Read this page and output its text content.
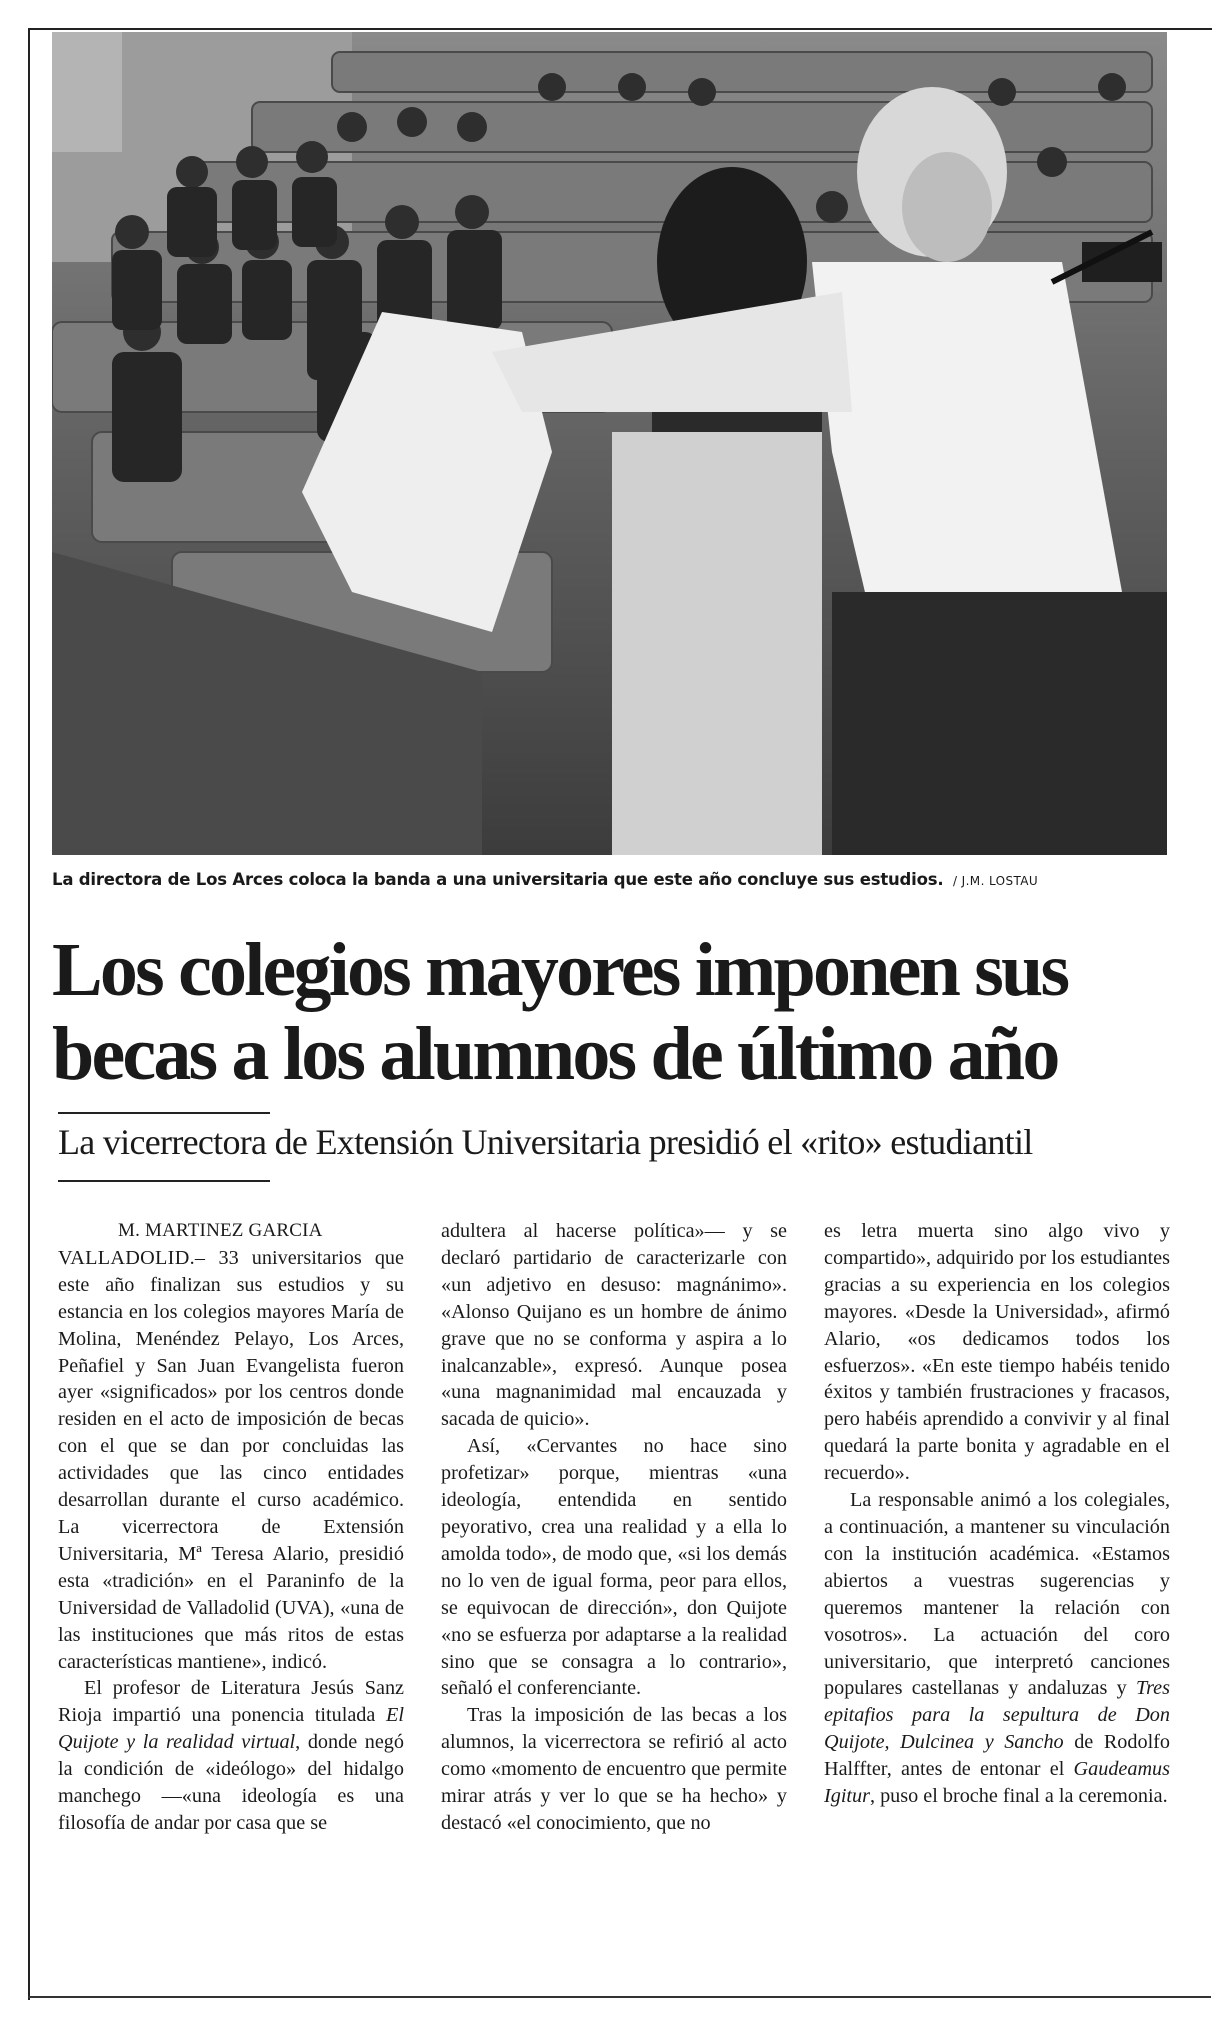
La directora de Los Arces coloca la banda a una universitaria que este año concluye sus estudios. / J.M. LOSTAU
Los colegios mayores imponen sus
becas a los alumnos de último año
La vicerrectora de Extensión Universitaria presidió el «rito» estudiantil
M. MARTINEZ GARCIA

VALLADOLID.– 33 universitarios que este año finalizan sus estudios y su estancia en los colegios mayores María de Molina, Menéndez Pelayo, Los Arces, Peñafiel y San Juan Evangelista fueron ayer «significados» por los centros donde residen en el acto de imposición de becas con el que se dan por concluidas las actividades que las cinco entidades desarrollan durante el curso académico. La vicerrectora de Extensión Universitaria, Mª Teresa Alario, presidió esta «tradición» en el Paraninfo de la Universidad de Valladolid (UVA), «una de las instituciones que más ritos de estas características mantiene», indicó.

El profesor de Literatura Jesús Sanz Rioja impartió una ponencia titulada El Quijote y la realidad virtual, donde negó la condición de «ideólogo» del hidalgo manchego —«una ideología es una filosofía de andar por casa que se

adultera al hacerse política»— y se declaró partidario de caracterizarle con «un adjetivo en desuso: magnánimo». «Alonso Quijano es un hombre de ánimo grave que no se conforma y aspira a lo inalcanzable», expresó. Aunque posea «una magnanimidad mal encauzada y sacada de quicio».

Así, «Cervantes no hace sino profetizar» porque, mientras «una ideología, entendida en sentido peyorativo, crea una realidad y a ella lo amolda todo», de modo que, «si los demás no lo ven de igual forma, peor para ellos, se equivocan de dirección», don Quijote «no se esfuerza por adaptarse a la realidad sino que se consagra a lo contrario», señaló el conferenciante.

Tras la imposición de las becas a los alumnos, la vicerrectora se refirió al acto como «momento de encuentro que permite mirar atrás y ver lo que se ha hecho» y destacó «el conocimiento, que no

es letra muerta sino algo vivo y compartido», adquirido por los estudiantes gracias a su experiencia en los colegios mayores. «Desde la Universidad», afirmó Alario, «os dedicamos todos los esfuerzos». «En este tiempo habéis tenido éxitos y también frustraciones y fracasos, pero habéis aprendido a convivir y al final quedará la parte bonita y agradable en el recuerdo».

La responsable animó a los colegiales, a continuación, a mantener su vinculación con la institución académica. «Estamos abiertos a vuestras sugerencias y queremos mantener la relación con vosotros». La actuación del coro universitario, que interpretó canciones populares castellanas y andaluzas y Tres epitafios para la sepultura de Don Quijote, Dulcinea y Sancho de Rodolfo Halffter, antes de entonar el Gaudeamus Igitur, puso el broche final a la ceremonia.
